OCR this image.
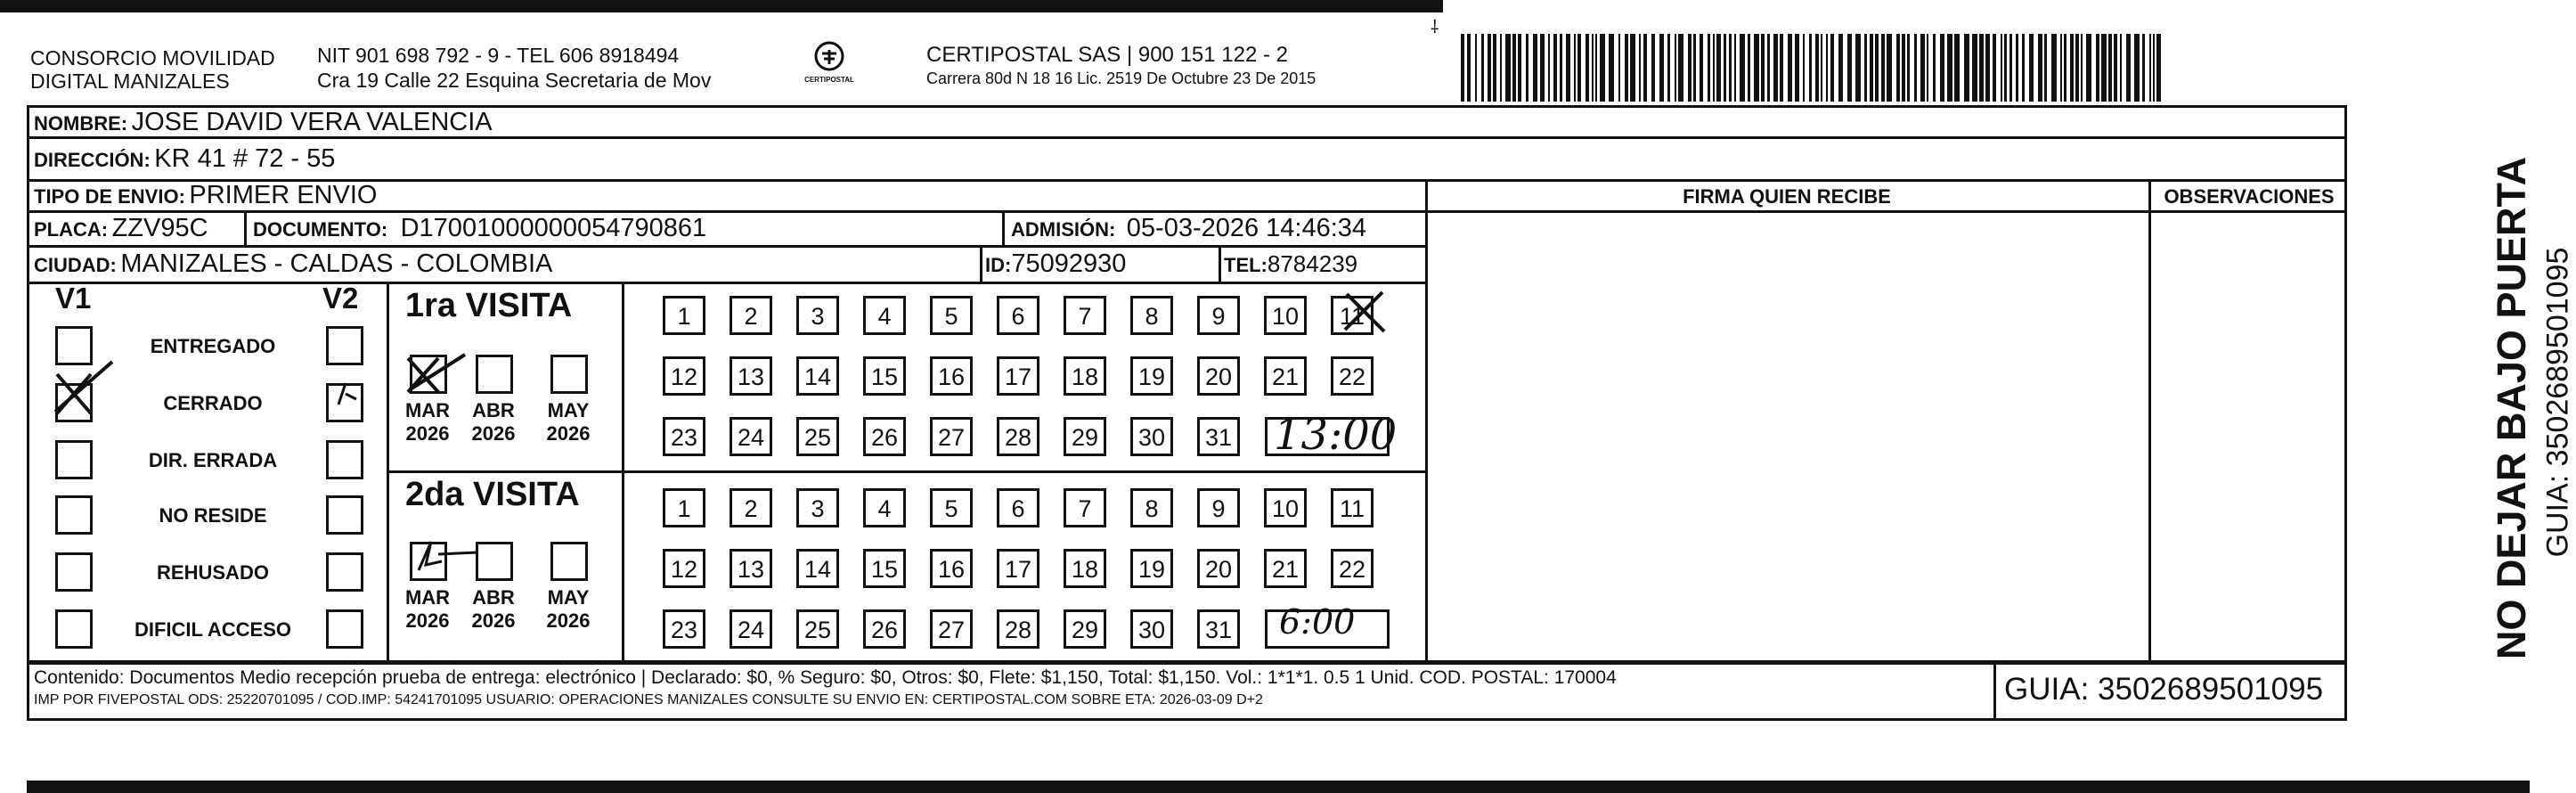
CONSORCIO MOVILIDAD
DIGITAL MANIZALES
NIT 901 698 792 - 9 - TEL 606 8918494
Cra 19 Calle 22 Esquina Secretaria de Mov	CERTIPOSTAL
CERTIPOSTAL SAS | 900 151 122 - 2
Carrera 80d N 18 16 Lic. 2519 De Octubre 23 De 2015
⸸
FIRMA QUIEN RECIBE	OBSERVACIONES
NOMBRE: JOSE DAVID VERA VALENCIA
DIRECCIÓN: KR 41 # 72 - 55
TIPO DE ENVIO: PRIMER ENVIO
PLACA: ZZV95C DOCUMENTO: D17001000000054790861	ADMISIÓN: 05-03-2026 14:46:34
CIUDAD: MANIZALES - CALDAS - COLOMBIA	ID:75092930	TEL:8784239
V1	V2
ENTREGADO
CERRADO
DIR. ERRADA
NO RESIDE
REHUSADO
DIFICIL ACCESO
1ra VISITA
2da VISITA
MAR
2026
ABR
2026
MAY
2026
MAR
2026
ABR
2026
MAY
2026
1	2	3	4	5	6	7	8	9	10	11
12	13	14	15	16	17	18	19	20	21	22
23	24	25	26	27	28	29	30	31
1	2	3	4	5	6	7	8	9	10	11
12	13	14	15	16	17	18	19	20	21	22
23	24	25	26	27	28	29	30	31
13:00
6:00
Contenido: Documentos Medio recepción prueba de entrega: electrónico | Declarado: $0, % Seguro: $0, Otros: $0, Flete: $1,150, Total: $1,150. Vol.: 1*1*1. 0.5 1 Unid. COD. POSTAL: 170004
IMP POR FIVEPOSTAL ODS: 25220701095 / COD.IMP: 54241701095 USUARIO: OPERACIONES MANIZALES CONSULTE SU ENVIO EN: CERTIPOSTAL.COM SOBRE ETA: 2026-03-09 D+2	GUIA: 3502689501095
NO DEJAR BAJO PUERTA GUIA: 3502689501095
